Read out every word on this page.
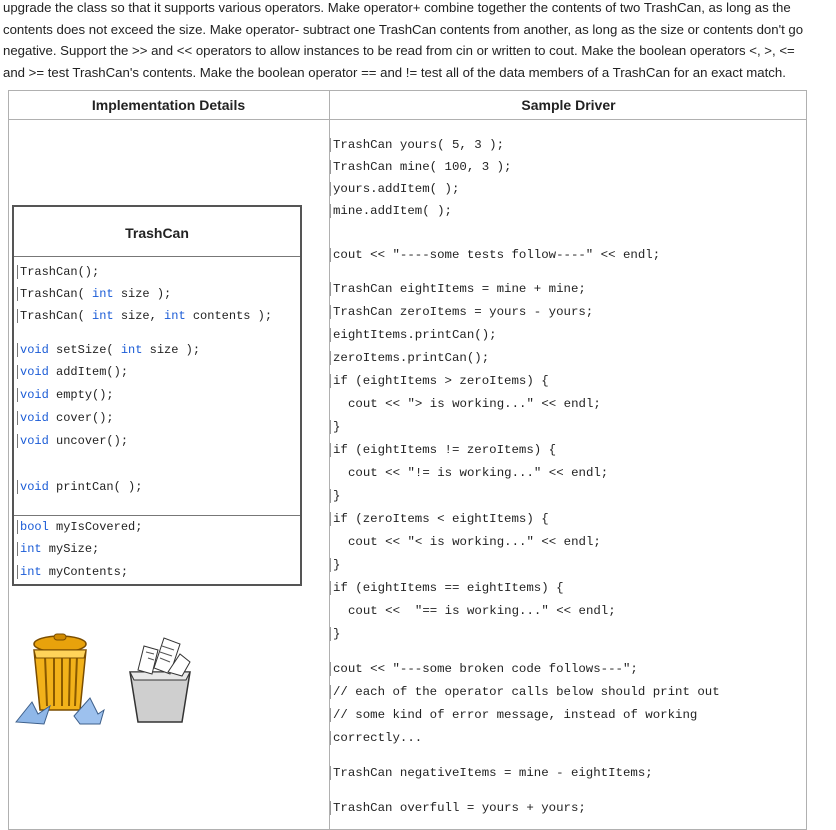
upgrade the class so that it supports various operators. Make operator+ combine together the contents of two TrashCan, as long as the
contents does not exceed the size. Make operator- subtract one TrashCan contents from another, as long as the size or contents don't go
negative. Support the >> and << operators to allow instances to be read from cin or written to cout. Make the boolean operators <, >, <=
and >= test TrashCan's contents. Make the boolean operator == and != test all of the data members of a TrashCan for an exact match.
Implementation Details	Sample Driver
TrashCan
TrashCan();
TrashCan( int size );
TrashCan( int size, int contents );
void setSize( int size );
void addItem();
void empty();
void cover();
void uncover();
void printCan( );
bool myIsCovered;
int mySize;
int myContents;
TrashCan yours( 5, 3 );
TrashCan mine( 100, 3 );
yours.addItem( );
mine.addItem( );
cout << "----some tests follow----" << endl;
TrashCan eightItems = mine + mine;
TrashCan zeroItems = yours - yours;
eightItems.printCan();
zeroItems.printCan();
if (eightItems > zeroItems) {
cout << "> is working..." << endl;
}
if (eightItems != zeroItems) {
cout << "!= is working..." << endl;
}
if (zeroItems < eightItems) {
cout << "< is working..." << endl;
}
if (eightItems == eightItems) {
cout <<  "== is working..." << endl;
}
cout << "---some broken code follows---";
// each of the operator calls below should print out
// some kind of error message, instead of working
correctly...
TrashCan negativeItems = mine - eightItems;
TrashCan overfull = yours + yours;
